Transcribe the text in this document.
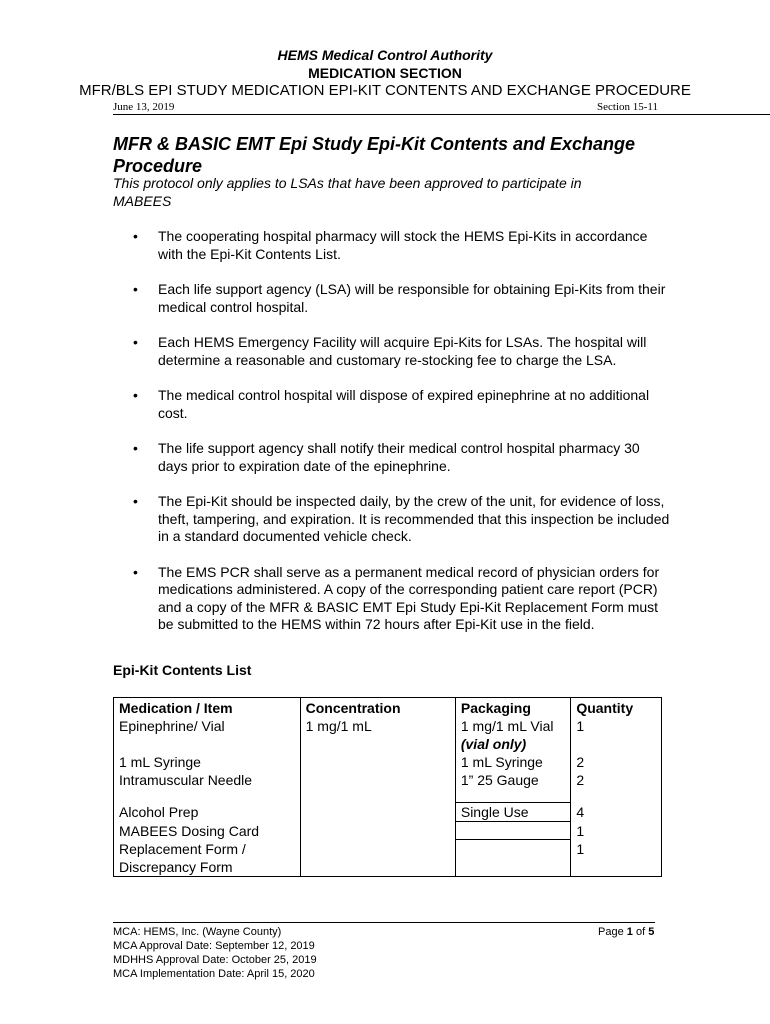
HEMS Medical Control Authority
MEDICATION SECTION
MFR/BLS EPI STUDY MEDICATION EPI-KIT CONTENTS AND EXCHANGE PROCEDURE
June 13, 2019	Section 15-11
MFR & BASIC EMT Epi Study Epi-Kit Contents and Exchange Procedure
This protocol only applies to LSAs that have been approved to participate in MABEES
• The cooperating hospital pharmacy will stock the HEMS Epi-Kits in accordance with the Epi-Kit Contents List.
• Each life support agency (LSA) will be responsible for obtaining Epi-Kits from their medical control hospital.
• Each HEMS Emergency Facility will acquire Epi-Kits for LSAs. The hospital will determine a reasonable and customary re-stocking fee to charge the LSA.
• The medical control hospital will dispose of expired epinephrine at no additional cost.
• The life support agency shall notify their medical control hospital pharmacy 30 days prior to expiration date of the epinephrine.
• The Epi-Kit should be inspected daily, by the crew of the unit, for evidence of loss, theft, tampering, and expiration. It is recommended that this inspection be included in a standard documented vehicle check.
• The EMS PCR shall serve as a permanent medical record of physician orders for medications administered. A copy of the corresponding patient care report (PCR) and a copy of the MFR & BASIC EMT Epi Study Epi-Kit Replacement Form must be submitted to the HEMS within 72 hours after Epi-Kit use in the field.
Epi-Kit Contents List
Medication / Item	Concentration	Packaging	Quantity
Epinephrine/ Vial	1 mg/1 mL	1 mg/1 mL Vial	1
		(vial only)	
1 mL Syringe		1 mL Syringe	2
Intramuscular Needle		1” 25 Gauge	2

Alcohol Prep		Single Use	4
MABEES Dosing Card			1
Replacement Form /			1
Discrepancy Form			
MCA: HEMS, Inc. (Wayne County)
MCA Approval Date: September 12, 2019
MDHHS Approval Date: October 25, 2019
MCA Implementation Date: April 15, 2020
Page 1 of 5
